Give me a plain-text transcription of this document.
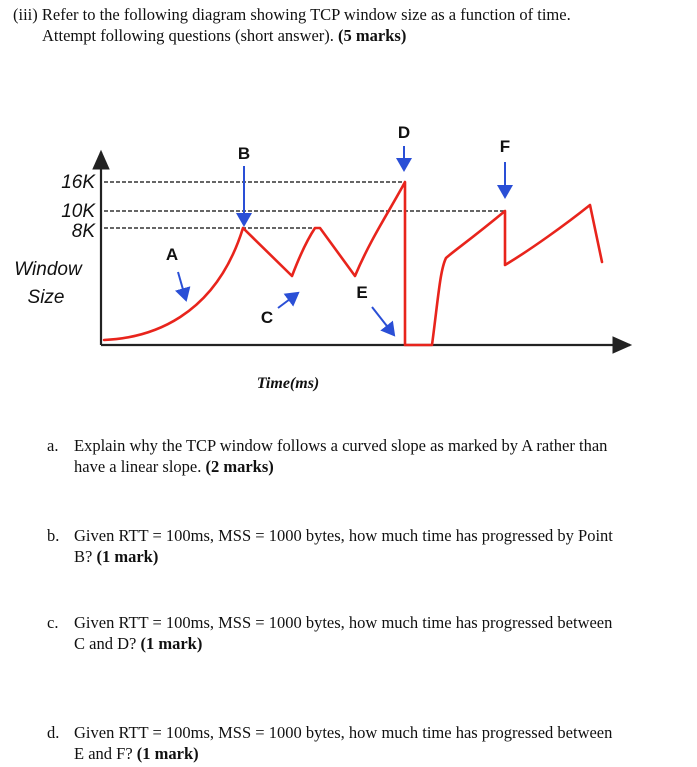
(iii) Refer to the following diagram showing TCP window size as a function of time.
Attempt following questions (short answer). (5 marks)
16K
10K
8K
Window
Size
Time(ms)
A
B
C
D
E
F
a. Explain why the TCP window follows a curved slope as marked by A rather than
have a linear slope. (2 marks)
b. Given RTT = 100ms, MSS = 1000 bytes, how much time has progressed by Point
B? (1 mark)
c. Given RTT = 100ms, MSS = 1000 bytes, how much time has progressed between
C and D? (1 mark)
d. Given RTT = 100ms, MSS = 1000 bytes, how much time has progressed between
E and F? (1 mark)
